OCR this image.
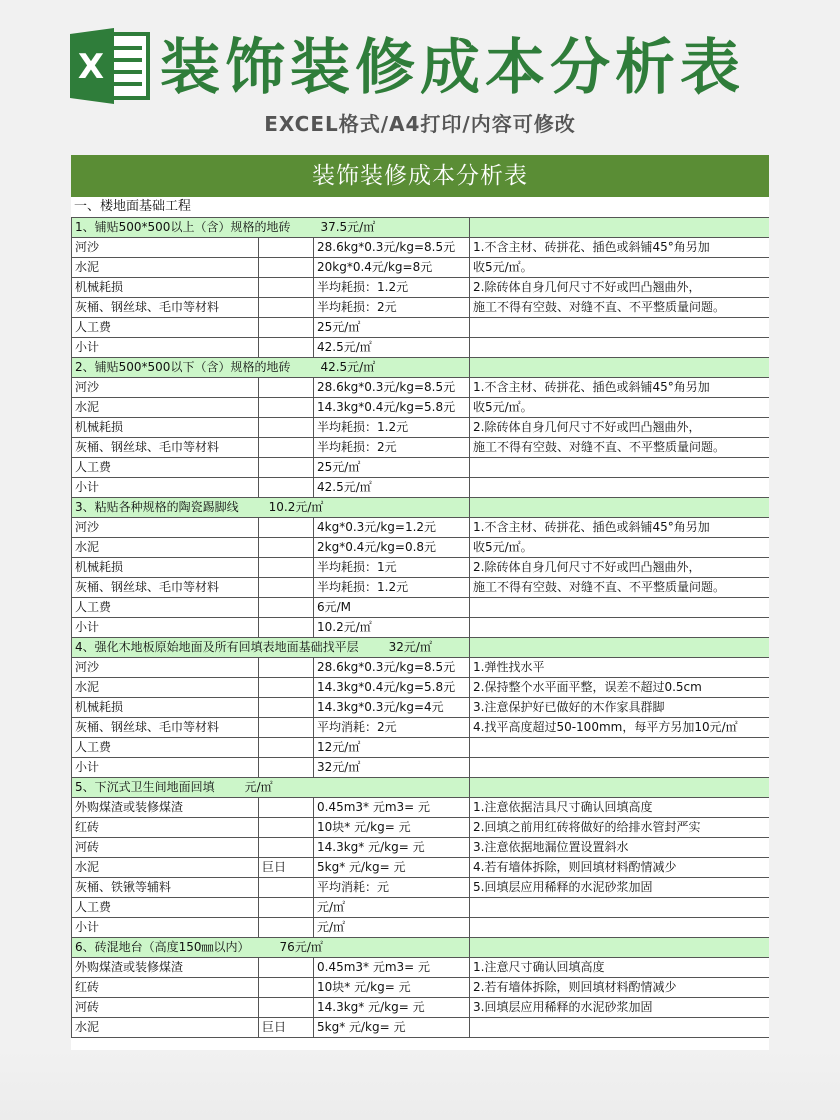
X 装饰装修成本分析表
EXCEL格式/A4打印/内容可修改
装饰装修成本分析表
一、楼地面基础工程
1、铺贴500*500以上（含）规格的地砖 37.5元/㎡			
河沙		28.6kg*0.3元/kg=8.5元	1.不含主材、砖拼花、插色或斜铺45°角另加
水泥		20kg*0.4元/kg=8元	收5元/㎡。
机械耗损		半均耗损：1.2元	2.除砖体自身几何尺寸不好或凹凸翘曲外，
灰桶、钢丝球、毛巾等材料		半均耗损：2元	施工不得有空鼓、对缝不直、不平整质量问题。
人工费		25元/㎡	
小计		42.5元/㎡	
2、铺贴500*500以下（含）规格的地砖 42.5元/㎡			
河沙		28.6kg*0.3元/kg=8.5元	1.不含主材、砖拼花、插色或斜铺45°角另加
水泥		14.3kg*0.4元/kg=5.8元	收5元/㎡。
机械耗损		半均耗损：1.2元	2.除砖体自身几何尺寸不好或凹凸翘曲外，
灰桶、钢丝球、毛巾等材料		半均耗损：2元	施工不得有空鼓、对缝不直、不平整质量问题。
人工费		25元/㎡	
小计		42.5元/㎡	
3、粘贴各种规格的陶瓷踢脚线 10.2元/㎡			
河沙		4kg*0.3元/kg=1.2元	1.不含主材、砖拼花、插色或斜铺45°角另加
水泥		2kg*0.4元/kg=0.8元	收5元/㎡。
机械耗损		半均耗损：1元	2.除砖体自身几何尺寸不好或凹凸翘曲外，
灰桶、钢丝球、毛巾等材料		半均耗损：1.2元	施工不得有空鼓、对缝不直、不平整质量问题。
人工费		6元/M	
小计		10.2元/㎡	
4、强化木地板原始地面及所有回填表地面基础找平层 32元/㎡			
河沙		28.6kg*0.3元/kg=8.5元	1.弹性找水平
水泥		14.3kg*0.4元/kg=5.8元	2.保持整个水平面平整，误差不超过0.5cm
机械耗损		14.3kg*0.3元/kg=4元	3.注意保护好已做好的木作家具群脚
灰桶、钢丝球、毛巾等材料		平均消耗：2元	4.找平高度超过50-100mm，每平方另加10元/㎡
人工费		12元/㎡	
小计		32元/㎡	
5、下沉式卫生间地面回填 元/㎡			
外购煤渣或装修煤渣		0.45m3* 元m3= 元	1.注意依据洁具尺寸确认回填高度
红砖		10块* 元/kg= 元	2.回填之前用红砖将做好的给排水管封严实
河砖		14.3kg* 元/kg= 元	3.注意依据地漏位置设置斜水
水泥	巨日	5kg* 元/kg= 元	4.若有墙体拆除，则回填材料酌情减少
灰桶、铁锹等辅料		平均消耗：元	5.回填层应用稀释的水泥砂浆加固
人工费		元/㎡	
小计		元/㎡	
6、砖混地台（高度150㎜以内） 76元/㎡			
外购煤渣或装修煤渣		0.45m3* 元m3= 元	1.注意尺寸确认回填高度
红砖		10块* 元/kg= 元	2.若有墙体拆除，则回填材料酌情减少
河砖		14.3kg* 元/kg= 元	3.回填层应用稀释的水泥砂浆加固
水泥	巨日	5kg* 元/kg= 元	
